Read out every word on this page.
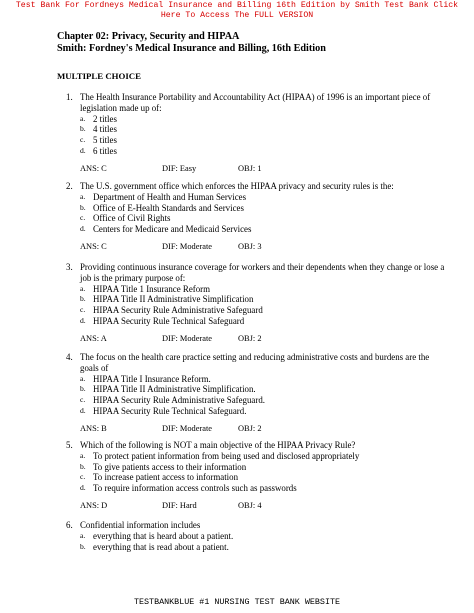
Test Bank For Fordneys Medical Insurance and Billing 16th Edition by Smith Test Bank Click
Here To Access The FULL VERSION
Chapter 02: Privacy, Security and HIPAA
Smith: Fordney's Medical Insurance and Billing, 16th Edition
MULTIPLE CHOICE
1. The Health Insurance Portability and Accountability Act (HIPAA) of 1996 is an important piece of legislation made up of:
a. 2 titles
b. 4 titles
c. 5 titles
d. 6 titles
ANS: C	DIF: Easy	OBJ: 1
2. The U.S. government office which enforces the HIPAA privacy and security rules is the:
a. Department of Health and Human Services
b. Office of E-Health Standards and Services
c. Office of Civil Rights
d. Centers for Medicare and Medicaid Services
ANS: C	DIF: Moderate	OBJ: 3
3. Providing continuous insurance coverage for workers and their dependents when they change or lose a job is the primary purpose of:
a. HIPAA Title 1 Insurance Reform
b. HIPAA Title II Administrative Simplification
c. HIPAA Security Rule Administrative Safeguard
d. HIPAA Security Rule Technical Safeguard
ANS: A	DIF: Moderate	OBJ: 2
4. The focus on the health care practice setting and reducing administrative costs and burdens are the goals of
a. HIPAA Title I Insurance Reform.
b. HIPAA Title II Administrative Simplification.
c. HIPAA Security Rule Administrative Safeguard.
d. HIPAA Security Rule Technical Safeguard.
ANS: B	DIF: Moderate	OBJ: 2
5. Which of the following is NOT a main objective of the HIPAA Privacy Rule?
a. To protect patient information from being used and disclosed appropriately
b. To give patients access to their information
c. To increase patient access to information
d. To require information access controls such as passwords
ANS: D	DIF: Hard	OBJ: 4
6. Confidential information includes
a. everything that is heard about a patient.
b. everything that is read about a patient.
TESTBANKBLUE #1 NURSING TEST BANK WEBSITE
